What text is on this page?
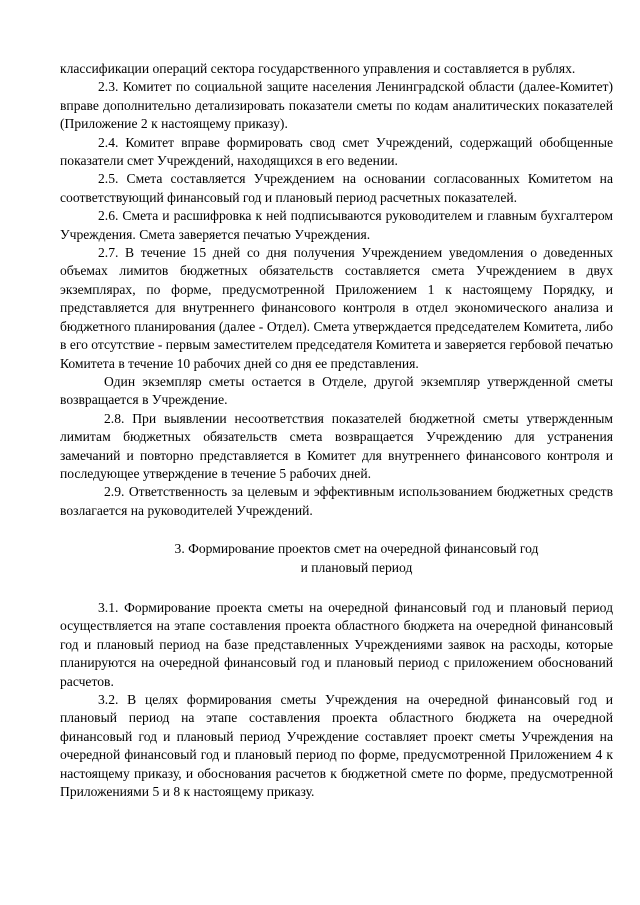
классификации операций сектора государственного управления и составляется в рублях.

2.3. Комитет по социальной защите населения Ленинградской области (далее-Комитет) вправе дополнительно детализировать показатели сметы по кодам аналитических показателей (Приложение 2 к настоящему приказу).

2.4. Комитет вправе формировать свод смет Учреждений, содержащий обобщенные показатели смет Учреждений, находящихся в его ведении.

2.5. Смета составляется Учреждением на основании согласованных Комитетом на соответствующий финансовый год и плановый период расчетных показателей.

2.6. Смета и расшифровка к ней подписываются руководителем и главным бухгалтером Учреждения. Смета заверяется печатью Учреждения.

2.7. В течение 15 дней со дня получения Учреждением уведомления о доведенных объемах лимитов бюджетных обязательств составляется смета Учреждением в двух экземплярах, по форме, предусмотренной Приложением 1 к настоящему Порядку, и представляется для внутреннего финансового контроля в отдел экономического анализа и бюджетного планирования (далее - Отдел). Смета утверждается председателем Комитета, либо в его отсутствие - первым заместителем председателя Комитета и заверяется гербовой печатью Комитета в течение 10 рабочих дней со дня ее представления.

Один экземпляр сметы остается в Отделе, другой экземпляр утвержденной сметы возвращается в Учреждение.

2.8. При выявлении несоответствия показателей бюджетной сметы утвержденным лимитам бюджетных обязательств смета возвращается Учреждению для устранения замечаний и повторно представляется в Комитет для внутреннего финансового контроля и последующее утверждение в течение 5 рабочих дней.

2.9. Ответственность за целевым и эффективным использованием бюджетных средств возлагается на руководителей Учреждений.

3. Формирование проектов смет на очередной финансовый год
и плановый период

3.1. Формирование проекта сметы на очередной финансовый год и плановый период осуществляется на этапе составления проекта областного бюджета на очередной финансовый год и плановый период на базе представленных Учреждениями заявок на расходы, которые планируются на очередной финансовый год и плановый период с приложением обоснований расчетов.

3.2. В целях формирования сметы Учреждения на очередной финансовый год и плановый период на этапе составления проекта областного бюджета на очередной финансовый год и плановый период Учреждение составляет проект сметы Учреждения на очередной финансовый год и плановый период по форме, предусмотренной Приложением 4 к настоящему приказу, и обоснования расчетов к бюджетной смете по форме, предусмотренной Приложениями 5 и 8 к настоящему приказу.
